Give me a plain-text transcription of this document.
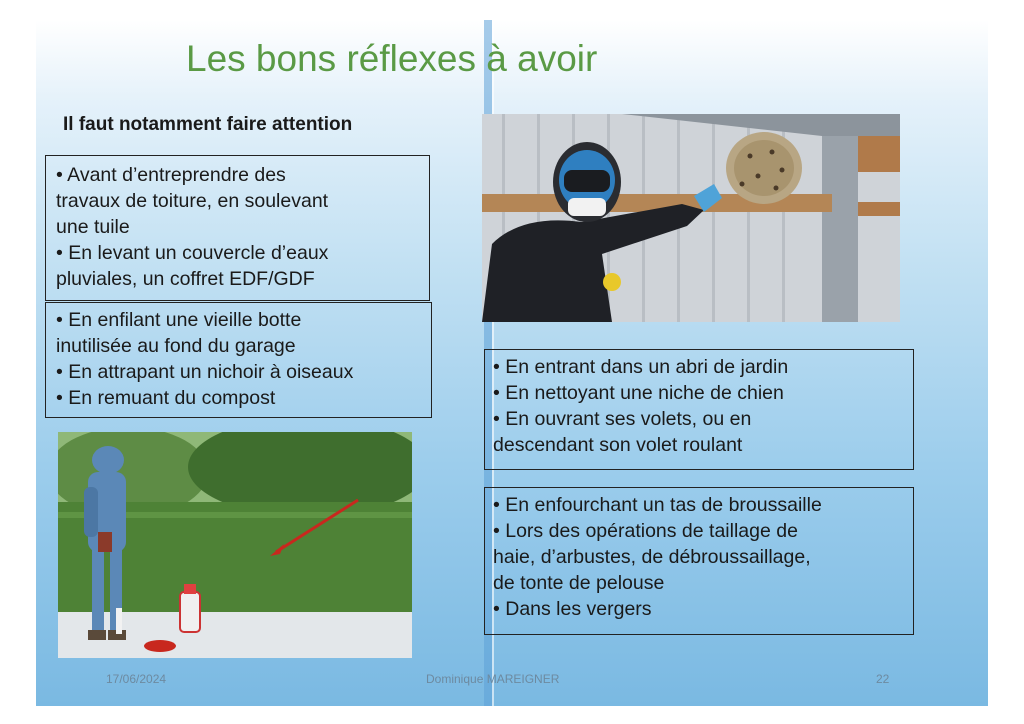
Les bons réflexes à avoir
Il faut notamment faire attention
• Avant d’entreprendre des
travaux de toiture, en soulevant
une tuile
• En levant un couvercle d’eaux
pluviales, un coffret EDF/GDF
• En enfilant une vieille botte
inutilisée au fond du garage
• En attrapant un nichoir à oiseaux
• En remuant du compost
• En entrant dans un abri de jardin
• En nettoyant une niche de chien
• En ouvrant ses volets, ou en
descendant son volet roulant
• En enfourchant un tas de broussaille
• Lors des opérations de taillage de
haie, d’arbustes, de débroussaillage,
de tonte de pelouse
• Dans les vergers
17/06/2024	Dominique MAREIGNER	22
